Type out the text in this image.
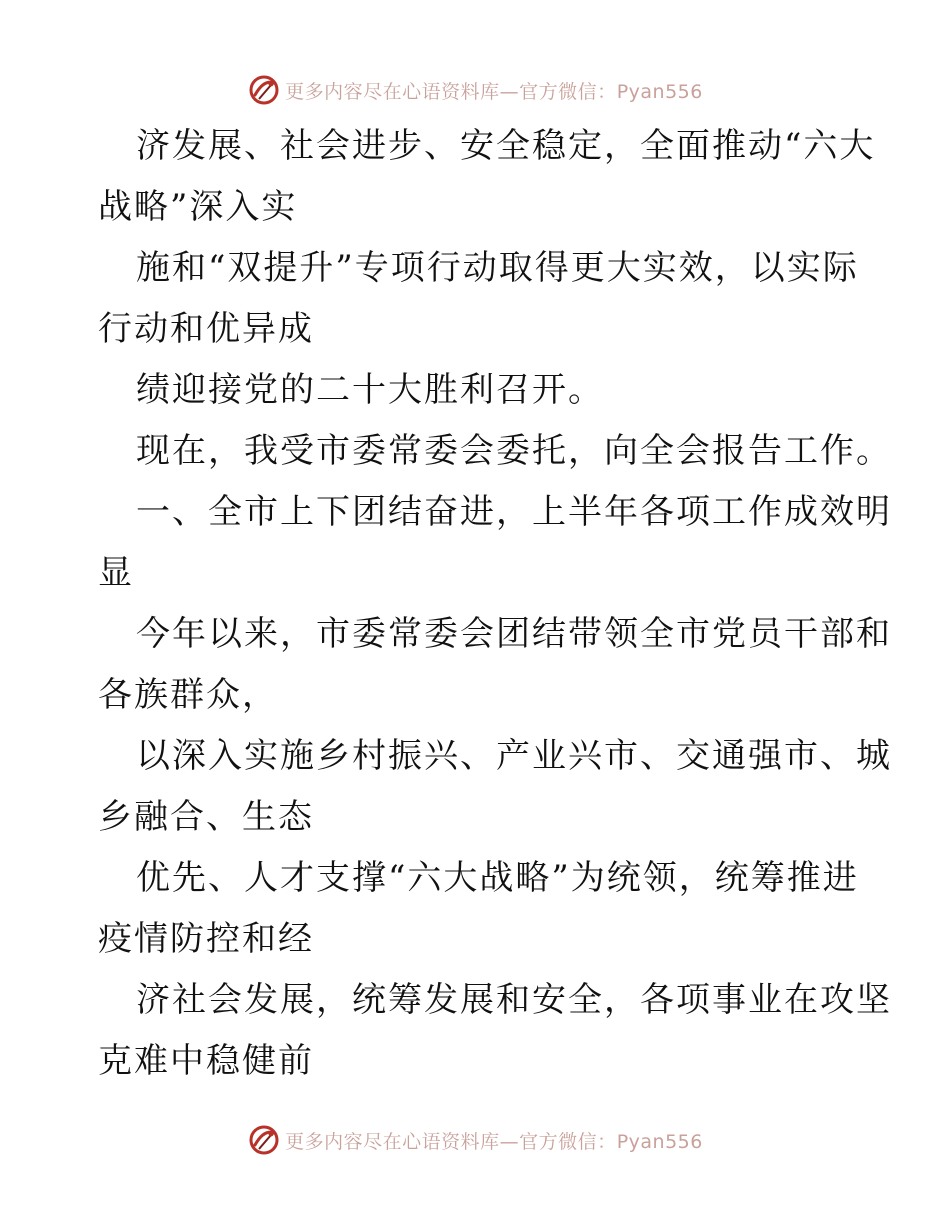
更多内容尽在心语资料库—官方微信：Pyan556

济发展、社会进步、安全稳定，全面推动“六大
战略”深入实

施和“双提升”专项行动取得更大实效，以实际
行动和优异成

绩迎接党的二十大胜利召开。

现在，我受市委常委会委托，向全会报告工作。

一、全市上下团结奋进，上半年各项工作成效明
显

今年以来，市委常委会团结带领全市党员干部和
各族群众，

以深入实施乡村振兴、产业兴市、交通强市、城
乡融合、生态

优先、人才支撑“六大战略”为统领，统筹推进
疫情防控和经

济社会发展，统筹发展和安全，各项事业在攻坚
克难中稳健前

更多内容尽在心语资料库—官方微信：Pyan556
